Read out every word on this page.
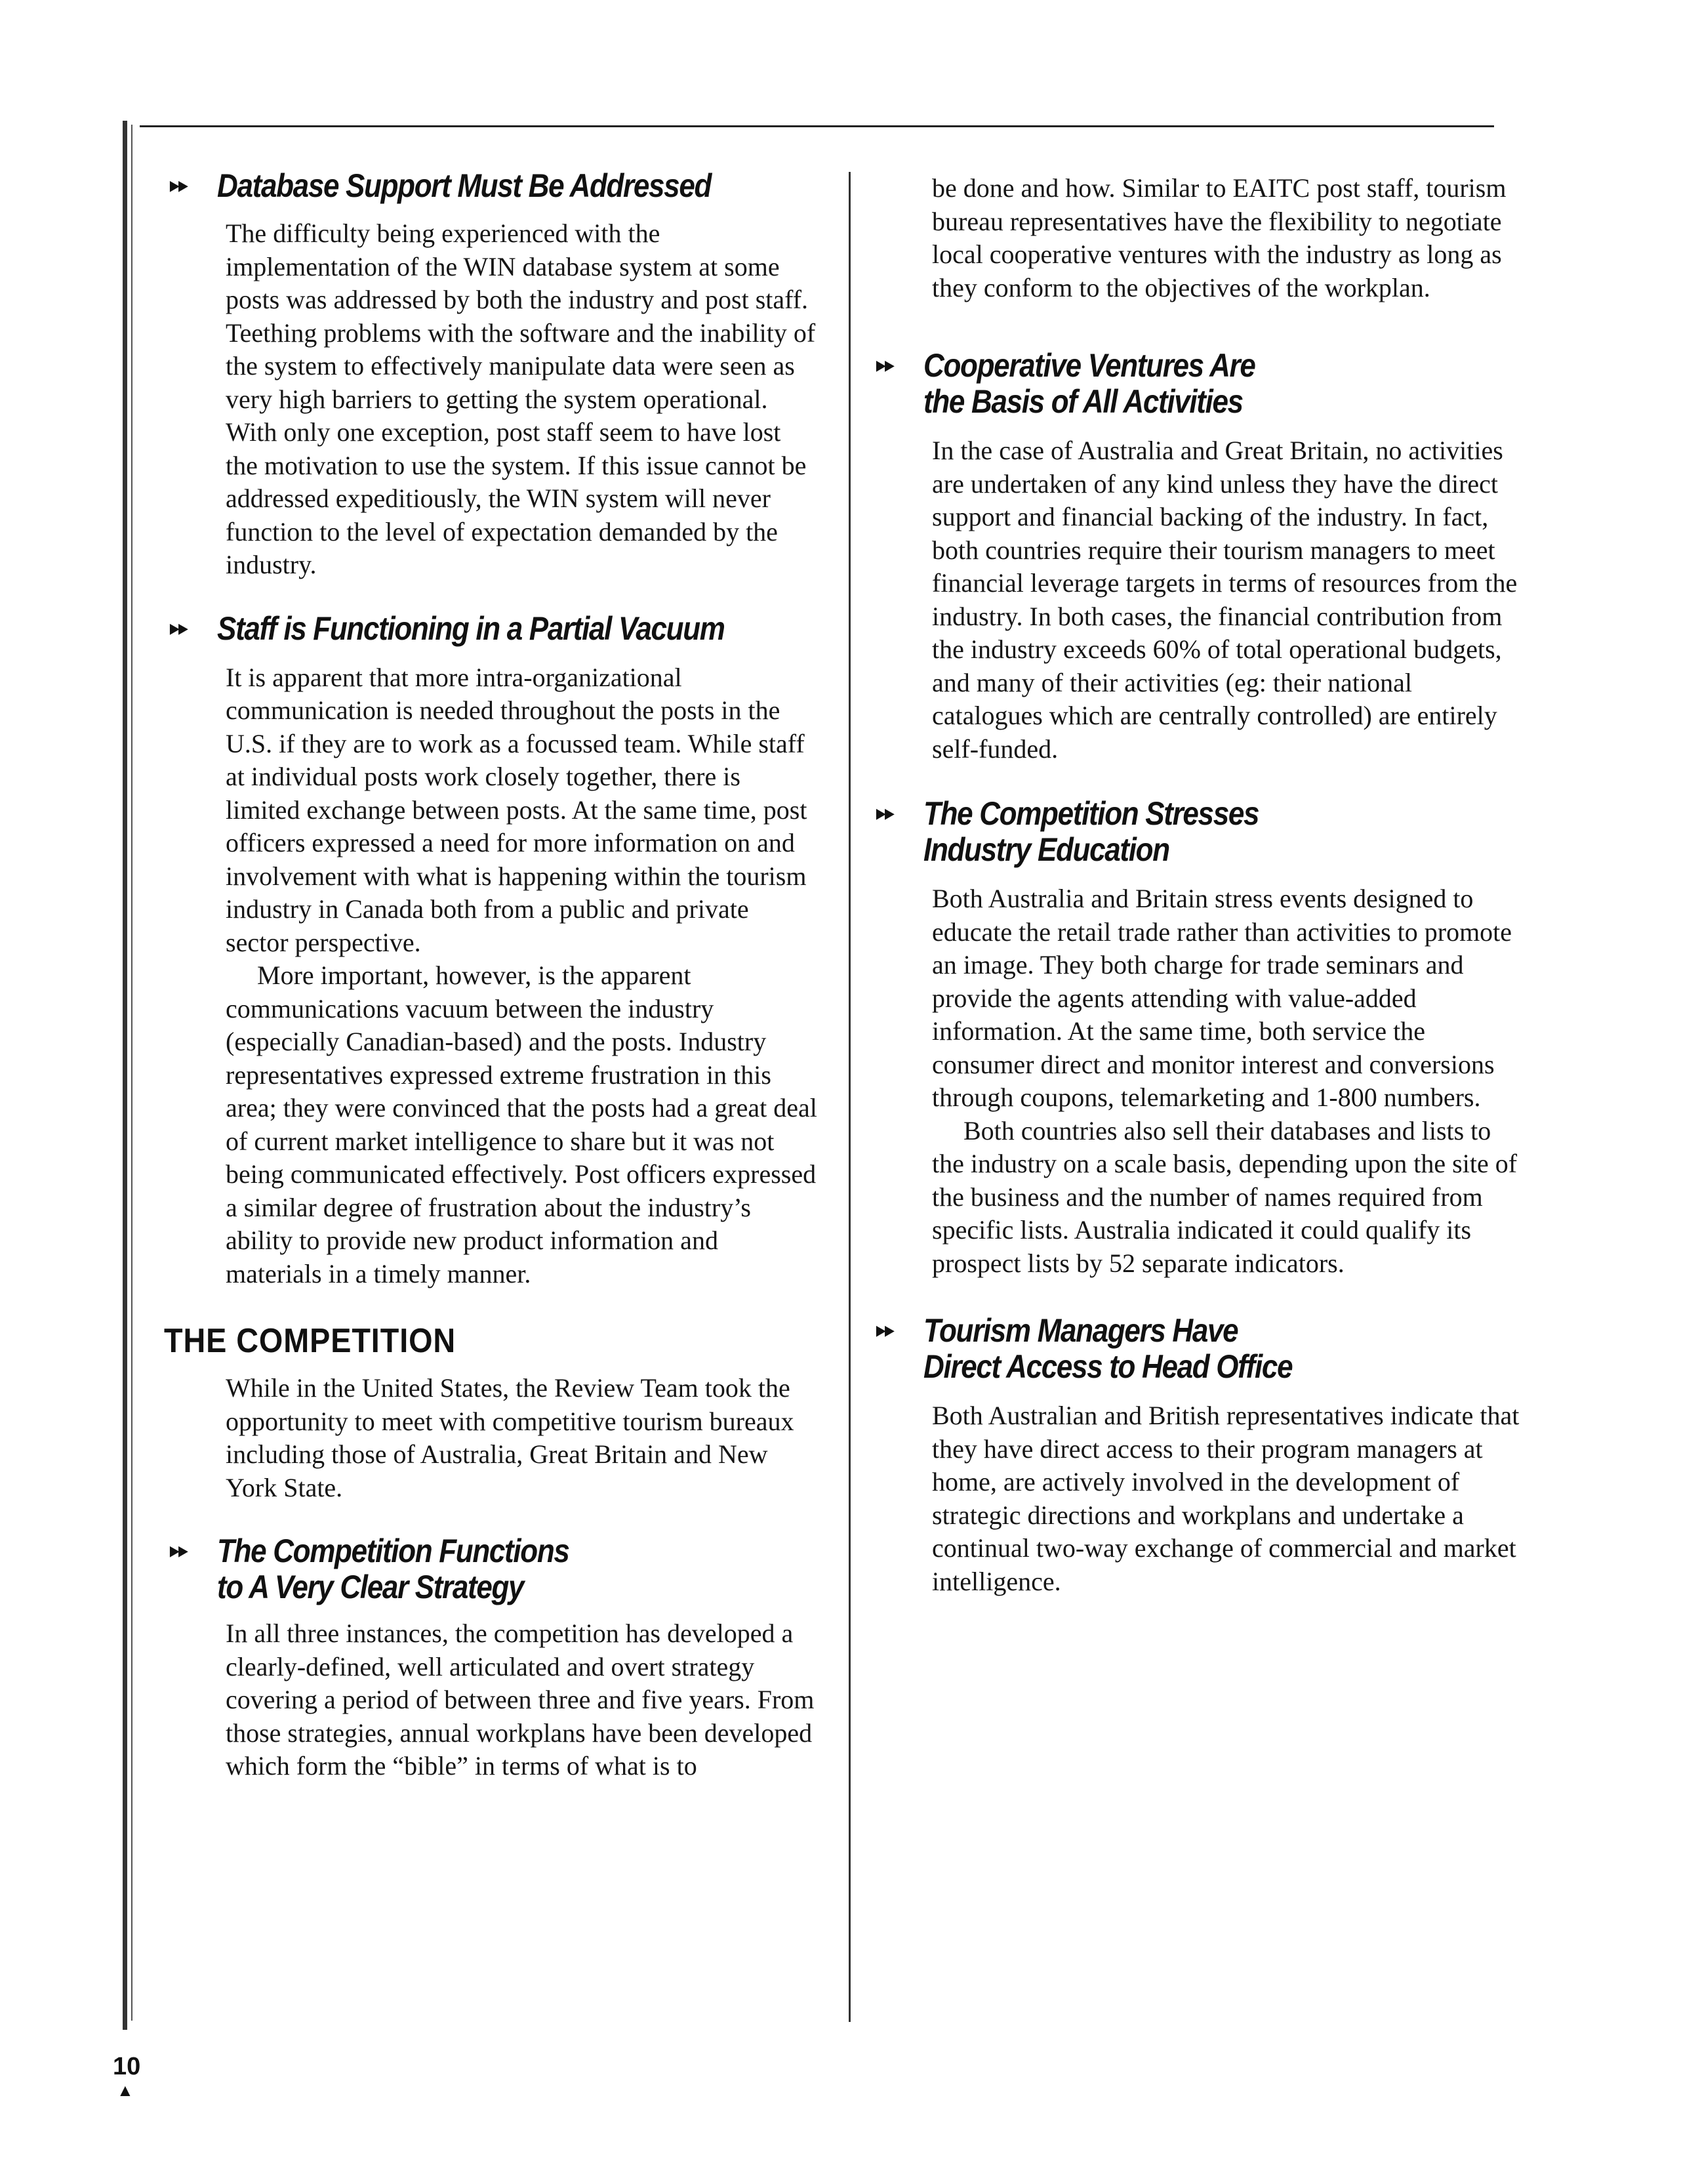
▶▶ Database Support Must Be Addressed

The difficulty being experienced with the implementation of the WIN database system at some posts was addressed by both the industry and post staff. Teething problems with the software and the inability of the system to effectively manipulate data were seen as very high barriers to getting the system operational. With only one exception, post staff seem to have lost the motivation to use the system. If this issue cannot be addressed expeditiously, the WIN system will never function to the level of expectation demanded by the industry.

▶▶ Staff is Functioning in a Partial Vacuum

It is apparent that more intra-organizational communication is needed throughout the posts in the U.S. if they are to work as a focussed team. While staff at individual posts work closely together, there is limited exchange between posts. At the same time, post officers expressed a need for more information on and involvement with what is happening within the tourism industry in Canada both from a public and private sector perspective.

More important, however, is the apparent communications vacuum between the industry (especially Canadian-based) and the posts. Industry representatives expressed extreme frustration in this area; they were convinced that the posts had a great deal of current market intelligence to share but it was not being communicated effectively. Post officers expressed a similar degree of frustration about the industry’s ability to provide new product information and materials in a timely manner.

THE COMPETITION

While in the United States, the Review Team took the opportunity to meet with competitive tourism bureaux including those of Australia, Great Britain and New York State.

▶▶ The Competition Functions
to A Very Clear Strategy

In all three instances, the competition has developed a clearly-defined, well articulated and overt strategy covering a period of between three and five years. From those strategies, annual workplans have been developed which form the “bible” in terms of what is to

be done and how. Similar to EAITC post staff, tourism bureau representatives have the flexibility to negotiate local cooperative ventures with the industry as long as they conform to the objectives of the workplan.

▶▶ Cooperative Ventures Are
the Basis of All Activities

In the case of Australia and Great Britain, no activities are undertaken of any kind unless they have the direct support and financial backing of the industry. In fact, both countries require their tourism managers to meet financial leverage targets in terms of resources from the industry. In both cases, the financial contribution from the industry exceeds 60% of total operational budgets, and many of their activities (eg: their national catalogues which are centrally controlled) are entirely self-funded.

▶▶ The Competition Stresses
Industry Education

Both Australia and Britain stress events designed to educate the retail trade rather than activities to promote an image. They both charge for trade seminars and provide the agents attending with value-added information. At the same time, both service the consumer direct and monitor interest and conversions through coupons, telemarketing and 1-800 numbers.

Both countries also sell their databases and lists to the industry on a scale basis, depending upon the site of the business and the number of names required from specific lists. Australia indicated it could qualify its prospect lists by 52 separate indicators.

▶▶ Tourism Managers Have
Direct Access to Head Office

Both Australian and British representatives indicate that they have direct access to their program managers at home, are actively involved in the development of strategic directions and workplans and undertake a continual two-way exchange of commercial and market intelligence.

10
▲
